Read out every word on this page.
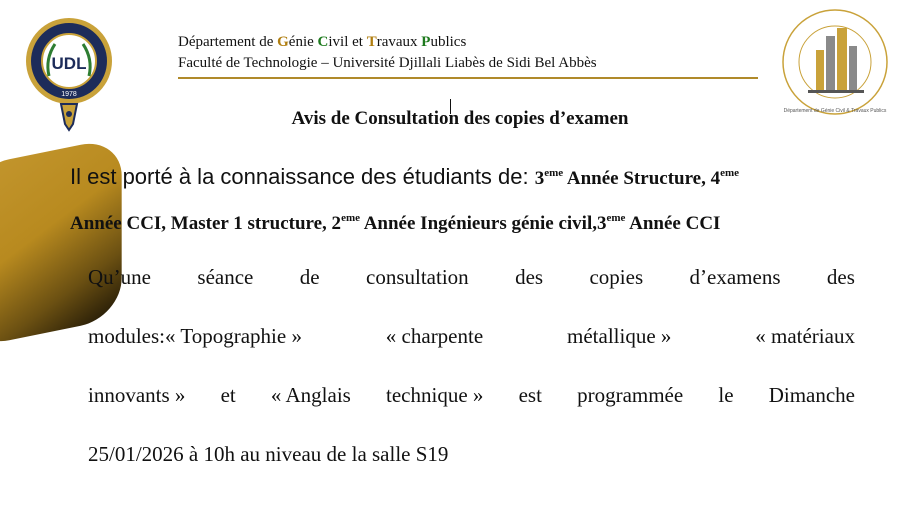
UDL
1978
Département de Génie Civil & Travaux Publics
Département de Génie Civil et Travaux Publics
Faculté de Technologie – Université Djillali Liabès de Sidi Bel Abbès
Avis de Consultation des copies d’examen
Il est porté à la connaissance des étudiants de: 3eme Année Structure, 4eme
Année CCI, Master 1 structure, 2eme Année Ingénieurs génie civil,3eme Année CCI
Qu’une séance de consultation des copies d’examens des
modules:« Topographie »	« charpente	métallique »	« matériaux
innovants » et « Anglais technique » est programmée le Dimanche
25/01/2026 à 10h au niveau de la salle S19
